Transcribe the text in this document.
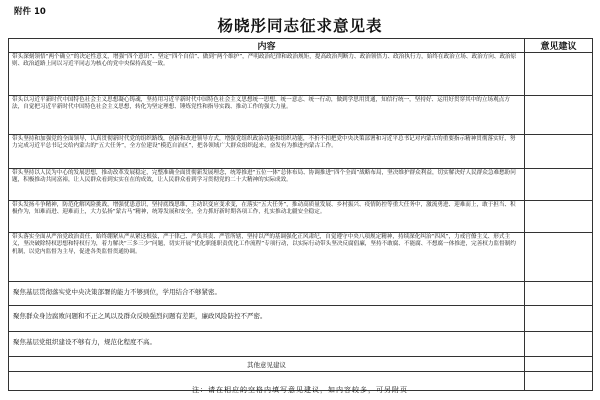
附件 10
杨晓彤同志征求意见表
内容	意见建议

带头深刻领悟“两个确立”的决定性意义，增强“四个意识”、坚定“四个自信”、做到“两个维护”，严明政治纪律和政治规矩，提高政治判断力、政治领悟力、政治执行力，始终在政治立场、政治方向、政治原则、政治道路上同以习近平同志为核心的党中央保持高度一致。	

带头以习近平新时代中国特色社会主义思想凝心铸魂，坚持用习近平新时代中国特色社会主义思想统一思想、统一意志、统一行动，做到学思用贯通，知信行统一，坚持好、运用好贯穿其中的立场观点方法，自觉把习近平新时代中国特色社会主义思想，转化为坚定理想、锤炼党性和指导实践、推动工作的强大力量。	

带头坚持和加强党的全面领导，认真贯彻新时代党的组织路线，创新和改进领导方式，增强党组织政治功能和组织功能，不折不扣把党中央决策部署和习近平总书记对内蒙古的重要指示精神贯彻落实好，努力完成习近平总书记交给内蒙古的“五大任务”，全方位建设“模范自治区”，把各领域广大群众组织起来，奋发有为推进内蒙古工作。	

带头坚持以人民为中心的发展思想，推动改革发展稳定，完整准确全面贯彻新发展理念，统筹推进“五位一体”总体布局、协调推进“四个全面”战略布局，坚决维护群众利益，切实解决好人民群众急难愁盼问题，积极推动共同富裕，让人民群众看到实实在在的成效，让人民群众看到学习贯彻党的二十大精神的实际成效。	

带头发扬斗争精神，防范化解风险挑战，增强忧患意识，坚持底线思维，主动识变应变求变，在落实“五大任务”，推动高质量发展、乡村振兴、疫情防控等重大任务中，激流勇进、迎难而上，敢于担当、积极作为，知难而进、迎难而上，大力弘扬“蒙古马”精神，统筹发展和安全，全力抓好新时期各项工作，扎实推动北疆安全稳定。	

带头落实全面从严治党政治责任，始终绷紧从严从紧这根弦，严于律己、严负其责、严管所辖，坚持以严的基调强化正风肃纪，自觉遵守中央八项规定精神，持续深化纠治“四风”，力戒官僚主义、形式主义，坚决破除特权思想和特权行为，着力解决“三多三少”问题，切实开展“优化职能职责优化工作流程”专项行动，以实际行动带头坚决反腐倡廉，坚持不敢腐、不能腐、不想腐一体推进，完善权力监督制约机制，以党内监督为主导，促进各类监督贯通协调。	

聚焦基层贯彻落实党中央决策部署的能力不够到位，学用结合不够紧密。	

聚焦群众身边腐败问题和不正之风以及群众反映强烈问题有差距，廉政风险防控不严密。	

聚焦基层党组织建设不够有力，规范化程度不高。	

其他意见建议	

注：请在相应的空格内填写意见建议，如内容较多，可另附页
